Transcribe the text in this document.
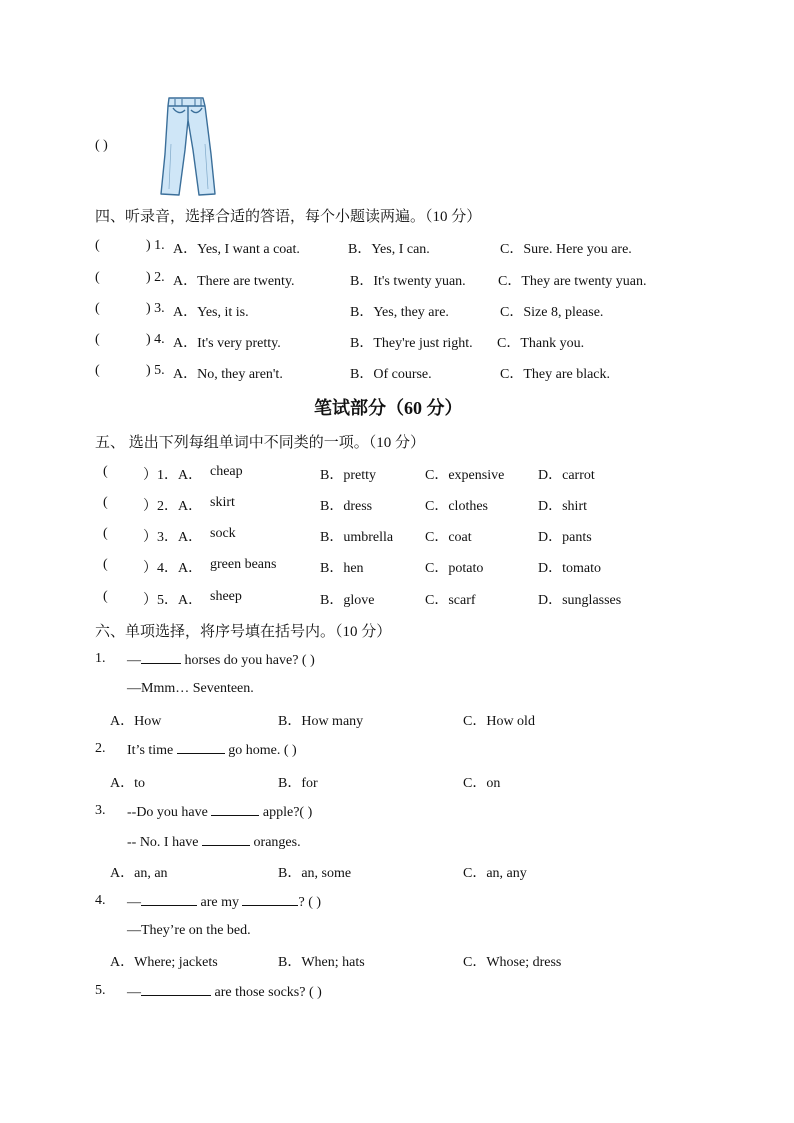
( )
四、听录音，选择合适的答语，每个小题读两遍。（10 分）
(	) 1. A．Yes, I want a coat.	B．Yes, I can.	C．Sure. Here you are.
(	) 2. A．There are twenty.	B．It's twenty yuan. C．They are twenty yuan.
(	) 3. A．Yes, it is.	B．Yes, they are.	C．Size 8, please.
(	) 4. A．It's very pretty.	B．They're just right. C．Thank you.
(	) 5. A．No, they aren't.	B．Of course.	C．They are black.
笔试部分（60 分）
五、 选出下列每组单词中不同类的一项。（10 分）
(	）1．A． cheap	B．pretty	C．expensive D．carrot
(	）2．A． skirt	B．dress	C．clothes	D．shirt
(	）3．A． sock	B．umbrella C．coat	D．pants
(	）4．A． green beans	B．hen	C．potato	D．tomato
(	）5．A． sheep	B．glove	C．scarf	D．sunglasses
六、单项选择，将序号填在括号内。（10 分）
1. —	horses do you have? ( )
—Mmm… Seventeen.
A．How	B．How many	C．How old
2. It’s time	go home. ( )
A．to	B．for	C．on
3. --Do you have	apple?( )
-- No. I have	oranges.
A．an, an	B．an, some	C．an, any
4. —	are my	? ( )
—They’re on the bed.
A．Where; jackets	B．When; hats	C．Whose; dress
5. —	are those socks? ( )
